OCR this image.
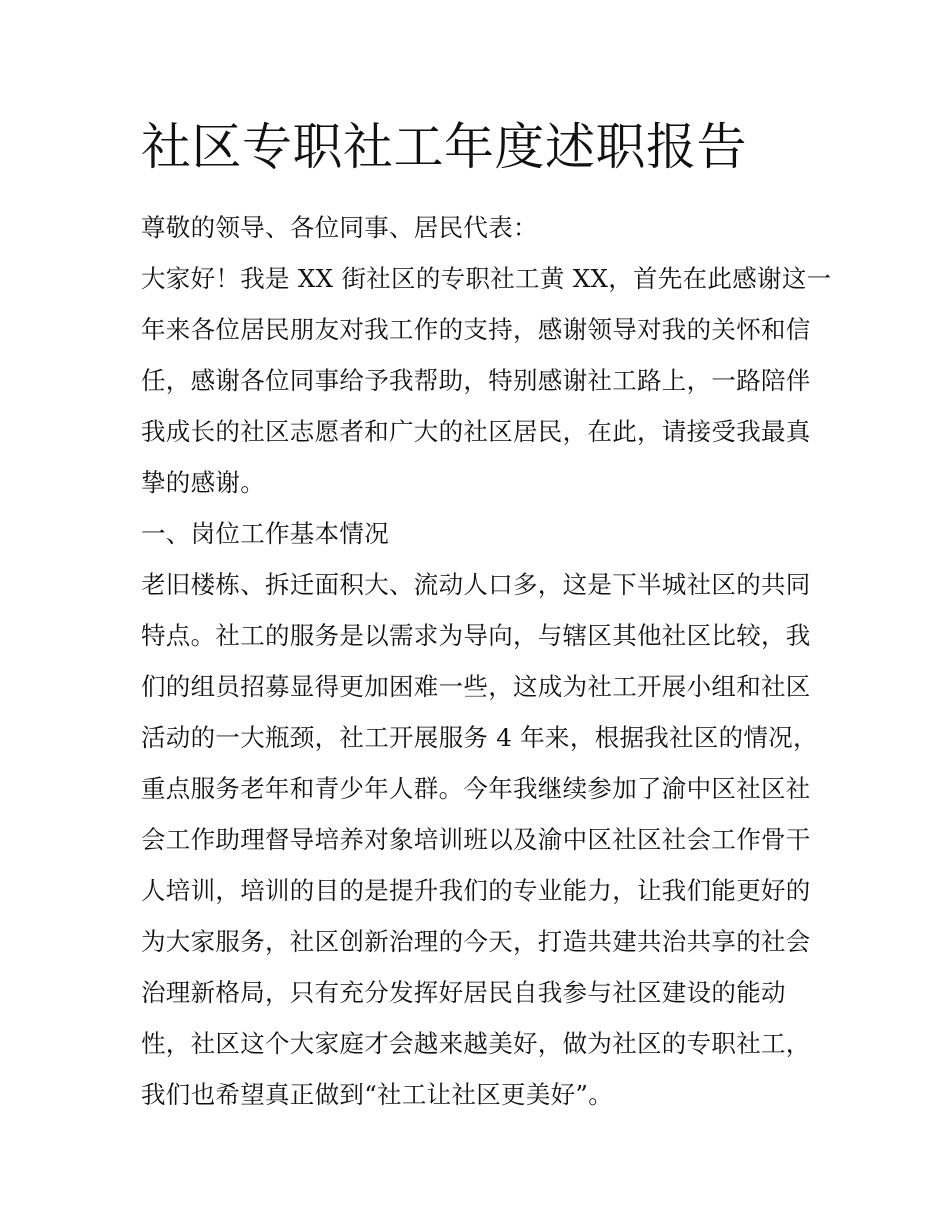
社区专职社工年度述职报告
尊敬的领导、各位同事、居民代表：
大家好！我是 XX 街社区的专职社工黄 XX，首先在此感谢这一
年来各位居民朋友对我工作的支持，感谢领导对我的关怀和信
任，感谢各位同事给予我帮助，特别感谢社工路上，一路陪伴
我成长的社区志愿者和广大的社区居民，在此，请接受我最真
挚的感谢。
一、岗位工作基本情况
老旧楼栋、拆迁面积大、流动人口多，这是下半城社区的共同
特点。社工的服务是以需求为导向，与辖区其他社区比较，我
们的组员招募显得更加困难一些，这成为社工开展小组和社区
活动的一大瓶颈，社工开展服务 4 年来，根据我社区的情况，
重点服务老年和青少年人群。今年我继续参加了渝中区社区社
会工作助理督导培养对象培训班以及渝中区社区社会工作骨干
人培训，培训的目的是提升我们的专业能力，让我们能更好的
为大家服务，社区创新治理的今天，打造共建共治共享的社会
治理新格局，只有充分发挥好居民自我参与社区建设的能动
性，社区这个大家庭才会越来越美好，做为社区的专职社工，
我们也希望真正做到“社工让社区更美好”。
